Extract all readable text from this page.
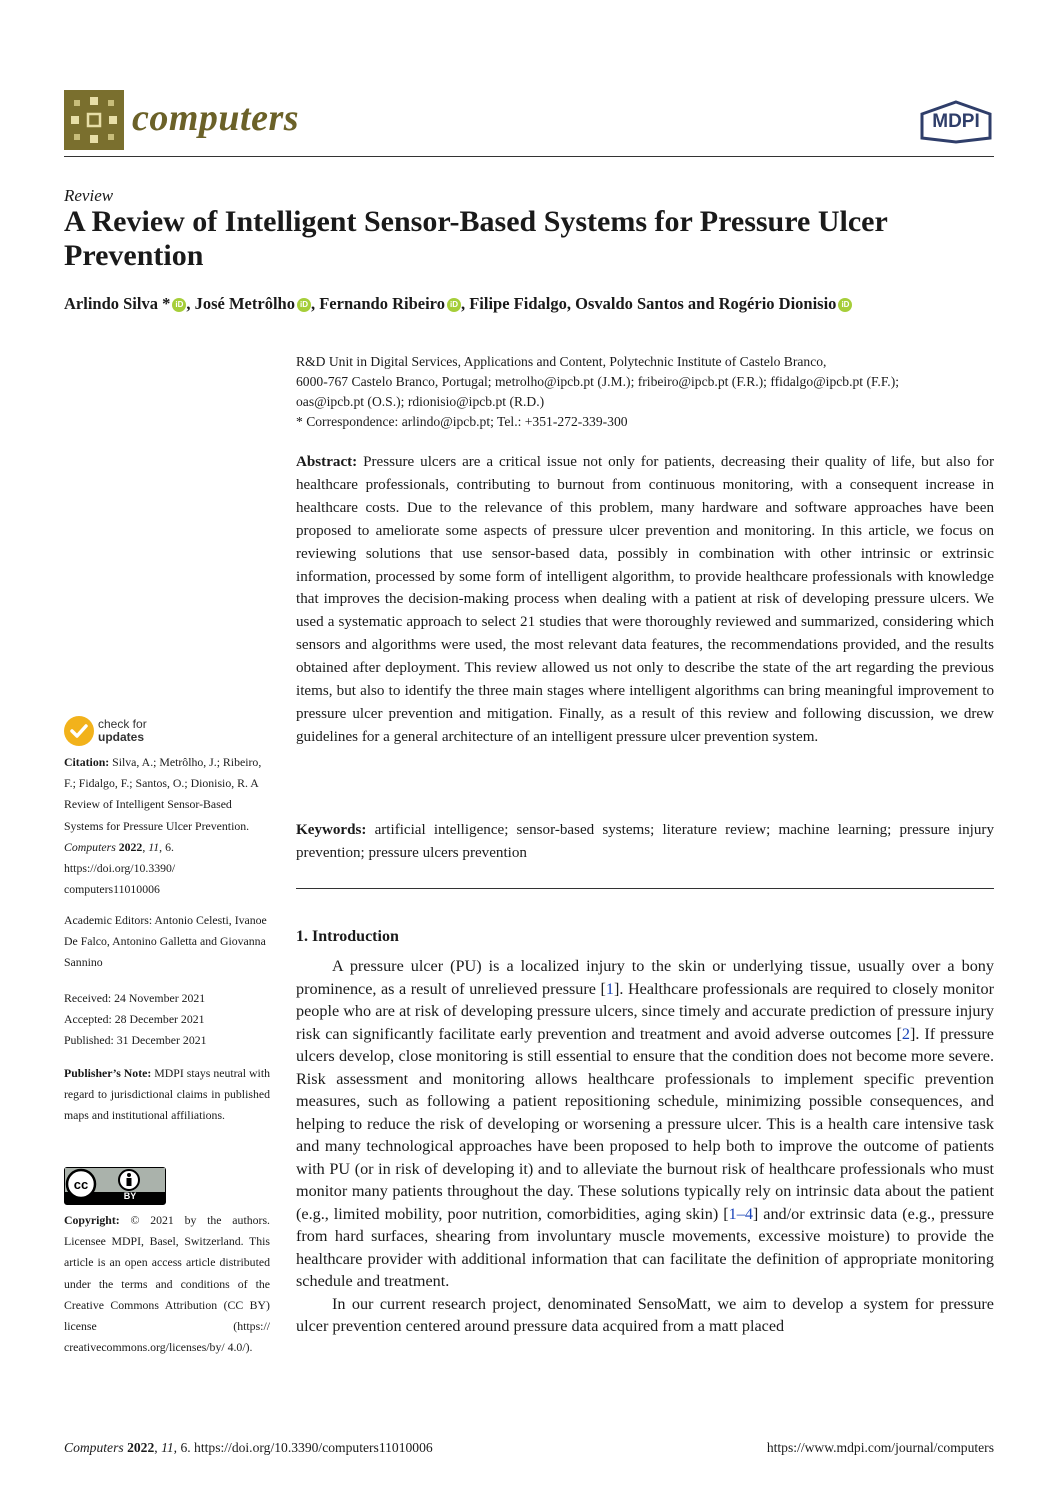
computers	MDPI
Review
A Review of Intelligent Sensor-Based Systems for Pressure Ulcer Prevention
Arlindo Silva * iD , José Metrôlho iD , Fernando Ribeiro iD , Filipe Fidalgo, Osvaldo Santos and Rogério Dionisio iD
R&D Unit in Digital Services, Applications and Content, Polytechnic Institute of Castelo Branco,
6000-767 Castelo Branco, Portugal; metrolho@ipcb.pt (J.M.); fribeiro@ipcb.pt (F.R.); ffidalgo@ipcb.pt (F.F.);
oas@ipcb.pt (O.S.); rdionisio@ipcb.pt (R.D.)
* Correspondence: arlindo@ipcb.pt; Tel.: +351-272-339-300
Abstract: Pressure ulcers are a critical issue not only for patients, decreasing their quality of life, but also for healthcare professionals, contributing to burnout from continuous monitoring, with a consequent increase in healthcare costs. Due to the relevance of this problem, many hardware and software approaches have been proposed to ameliorate some aspects of pressure ulcer prevention and monitoring. In this article, we focus on reviewing solutions that use sensor-based data, possibly in combination with other intrinsic or extrinsic information, processed by some form of intelligent algorithm, to provide healthcare professionals with knowledge that improves the decision-making process when dealing with a patient at risk of developing pressure ulcers. We used a systematic approach to select 21 studies that were thoroughly reviewed and summarized, considering which sensors and algorithms were used, the most relevant data features, the recommendations provided, and the results obtained after deployment. This review allowed us not only to describe the state of the art regarding the previous items, but also to identify the three main stages where intelligent algorithms can bring meaningful improvement to pressure ulcer prevention and mitigation. Finally, as a result of this review and following discussion, we drew guidelines for a general architecture of an intelligent pressure ulcer prevention system.
Keywords: artificial intelligence; sensor-based systems; literature review; machine learning; pressure injury prevention; pressure ulcers prevention
1. Introduction

A pressure ulcer (PU) is a localized injury to the skin or underlying tissue, usually over a bony prominence, as a result of unrelieved pressure [1]. Healthcare professionals are required to closely monitor people who are at risk of developing pressure ulcers, since timely and accurate prediction of pressure injury risk can significantly facilitate early prevention and treatment and avoid adverse outcomes [2]. If pressure ulcers develop, close monitoring is still essential to ensure that the condition does not become more severe. Risk assessment and monitoring allows healthcare professionals to implement specific prevention measures, such as following a patient repositioning schedule, minimizing possible consequences, and helping to reduce the risk of developing or worsening a pressure ulcer. This is a health care intensive task and many technological approaches have been proposed to help both to improve the outcome of patients with PU (or in risk of developing it) and to alleviate the burnout risk of healthcare professionals who must monitor many patients throughout the day. These solutions typically rely on intrinsic data about the patient (e.g., limited mobility, poor nutrition, comorbidities, aging skin) [1–4] and/or extrinsic data (e.g., pressure from hard surfaces, shearing from involuntary muscle movements, excessive moisture) to provide the healthcare provider with additional information that can facilitate the definition of appropriate monitoring schedule and treatment.

In our current research project, denominated SensoMatt, we aim to develop a system for pressure ulcer prevention centered around pressure data acquired from a matt placed

check for
updates
Citation: Silva, A.; Metrôlho, J.; Ribeiro, F.; Fidalgo, F.; Santos, O.; Dionisio, R. A Review of Intelligent Sensor-Based Systems for Pressure Ulcer Prevention. Computers 2022, 11, 6. https://doi.org/10.3390/ computers11010006
Academic Editors: Antonio Celesti, Ivanoe De Falco, Antonino Galletta and Giovanna Sannino
Received: 24 November 2021
Accepted: 28 December 2021
Published: 31 December 2021
Publisher’s Note: MDPI stays neutral with regard to jurisdictional claims in published maps and institutional affiliations.
cc
BY
Copyright: © 2021 by the authors. Licensee MDPI, Basel, Switzerland. This article is an open access article distributed under the terms and conditions of the Creative Commons Attribution (CC BY) license (https:// creativecommons.org/licenses/by/ 4.0/).
Computers 2022, 11, 6. https://doi.org/10.3390/computers11010006	https://www.mdpi.com/journal/computers
